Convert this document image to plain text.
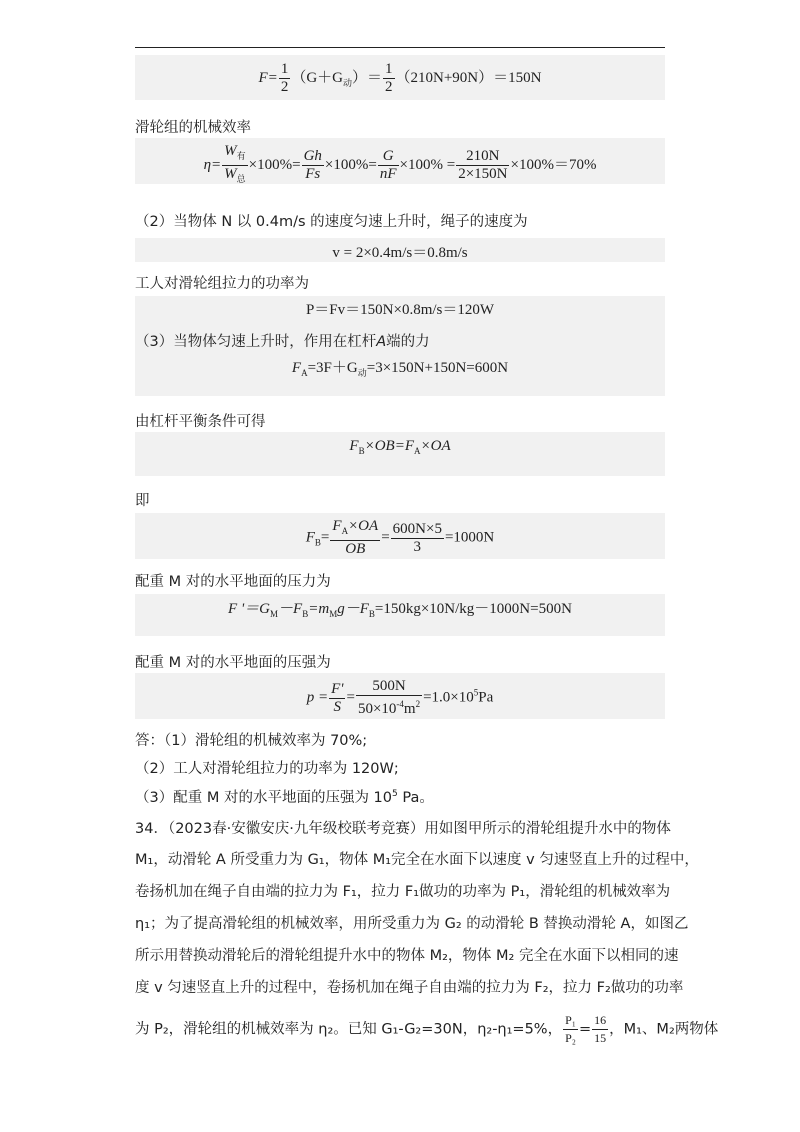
$F= \frac{1}{2} (G+G_动)= \frac{1}{2} (210N+90N)=150N$
滑轮组的机械效率
η=
$W_有$
$W_总$
$\times 100\%= \frac{Gh}{Fs} \times 100\%= \frac{G}{nF} \times 100\% = \frac{210N}{2\times 150N} \times 100\%=70\%$
（2）当物体 N 以 0.4m/s 的速度匀速上升时，绳子的速度为
v = 2×0.4m/s＝0.8m/s
工人对滑轮组拉力的功率为
P＝Fv＝150N×0.8m/s＝120W
$F_A=3F+G_动=3\times 150N+150N=600N$
（3）当物体匀速上升时，作用在杠杆A端的力
由杠杆平衡条件可得
$F_B\times OB=F_A\times OA$
即
$F_B= \frac{F_A\times OA}{OB} = \frac{600N\times 5}{3} =1000N$
配重 M 对的水平地面的压力为
F '$=G_M-F_B=m_Mg-F_B=150kg\times 10N/kg-1000N=500N$
配重 M 对的水平地面的压强为
$p = \frac{F'}{S} = \frac{500N}{50\times 10^{-4}m^2} =1.0\times 10^5Pa$
答：（1）滑轮组的机械效率为 70%;
（2）工人对滑轮组拉力的功率为 120W;
（3）配重 M 对的水平地面的压强为 $10^5$ Pa。
34．（2023春·安徽安庆·九年级校联考竞赛）用如图甲所示的滑轮组提升水中的物体
M₁，动滑轮 A 所受重力为 G₁，物体 M₁完全在水面下以速度 v 匀速竖直上升的过程中，
卷扬机加在绳子自由端的拉力为 F₁，拉力 F₁做功的功率为 P₁，滑轮组的机械效率为
η₁；为了提高滑轮组的机械效率，用所受重力为 G₂ 的动滑轮 B 替换动滑轮 A，如图乙
所示用替换动滑轮后的滑轮组提升水中的物体 M₂，物体 M₂ 完全在水面下以相同的速
度 v 匀速竖直上升的过程中，卷扬机加在绳子自由端的拉力为 F₂，拉力 F₂做功的功率
为 P₂，滑轮组的机械效率为 η₂。已知 G₁-G₂=30N，η₂-η₁=5%， $\frac{\text{P₁}}{\text{P₂}} = \frac{16}{15}$ ，M₁、M₂两物体
